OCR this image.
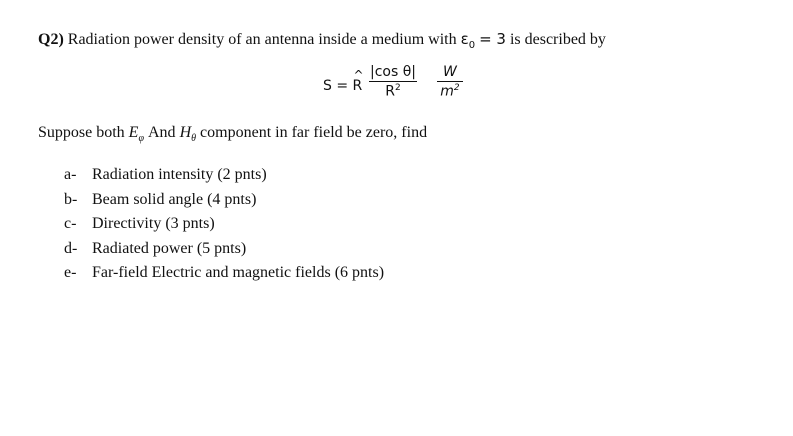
Q2) Radiation power density of an antenna inside a medium with $\varepsilon_0 = 3$ is described by
S =
^
R $\frac{\text{|cos θ|}}{R^2} \frac{W}{m^2}$
Suppose both $E_\varphi$ And $H_\theta$ component in far field be zero, find
a- Radiation intensity (2 pnts)
b- Beam solid angle (4 pnts)
c- Directivity (3 pnts)
d- Radiated power (5 pnts)
e- Far-field Electric and magnetic fields (6 pnts)
